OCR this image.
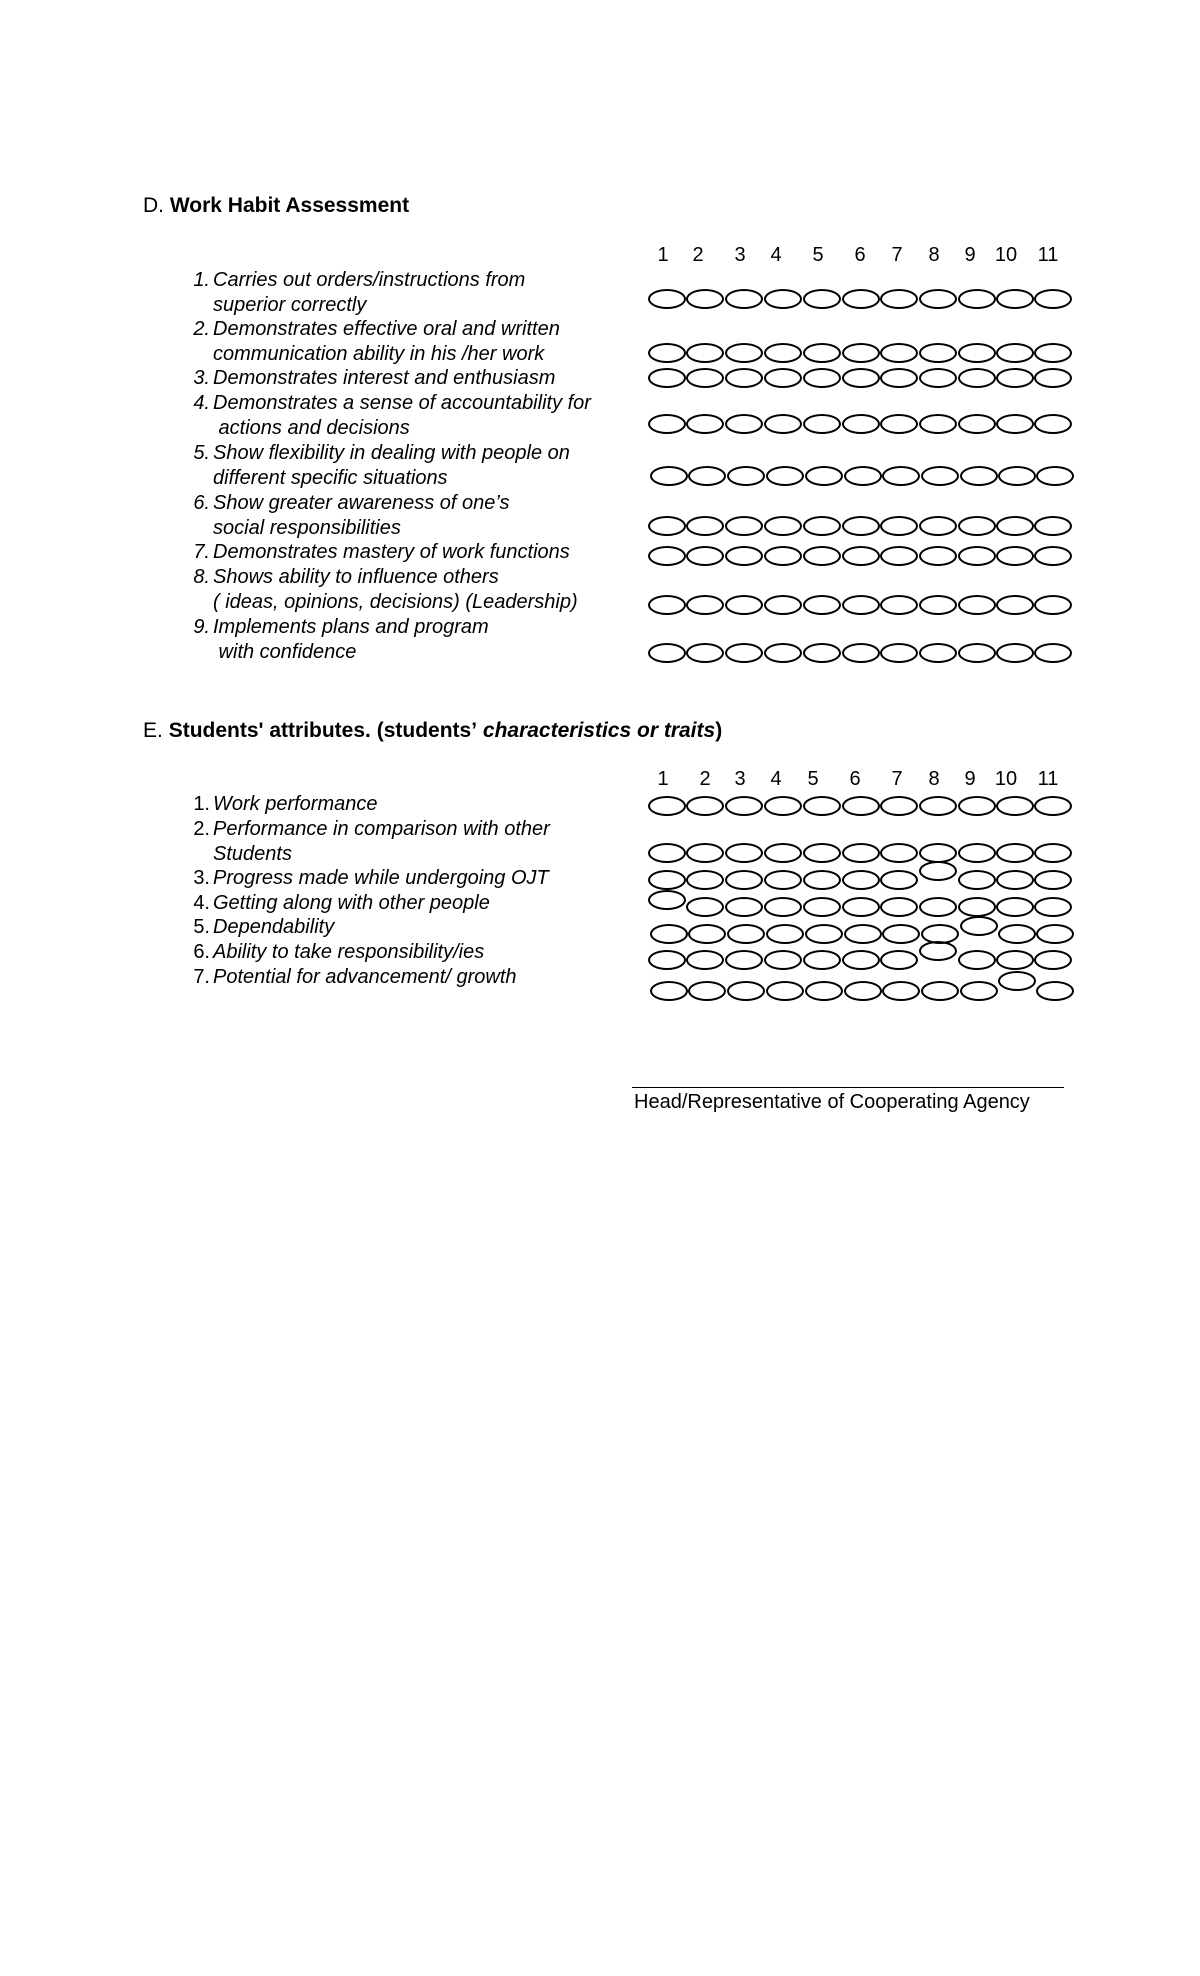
D. Work Habit Assessment
1 2 3 4 5 6 7 8 9 10 11
1. Carries out orders/instructions from
superior correctly
2. Demonstrates effective oral and written
communication ability in his /her work
3. Demonstrates interest and enthusiasm
4. Demonstrates a sense of accountability for
actions and decisions
5. Show flexibility in dealing with people on
different specific situations
6. Show greater awareness of one’s
social responsibilities
7. Demonstrates mastery of work functions
8. Shows ability to influence others
( ideas, opinions, decisions) (Leadership)
9. Implements plans and program
with confidence
E. Students' attributes. (students’ characteristics or traits)
1 2 3 4 5 6 7 8 9 10 11
1. Work performance
2. Performance in comparison with other
Students
3. Progress made while undergoing OJT
4. Getting along with other people
5. Dependability
6. Ability to take responsibility/ies
7. Potential for advancement/ growth
Head/Representative of Cooperating Agency
